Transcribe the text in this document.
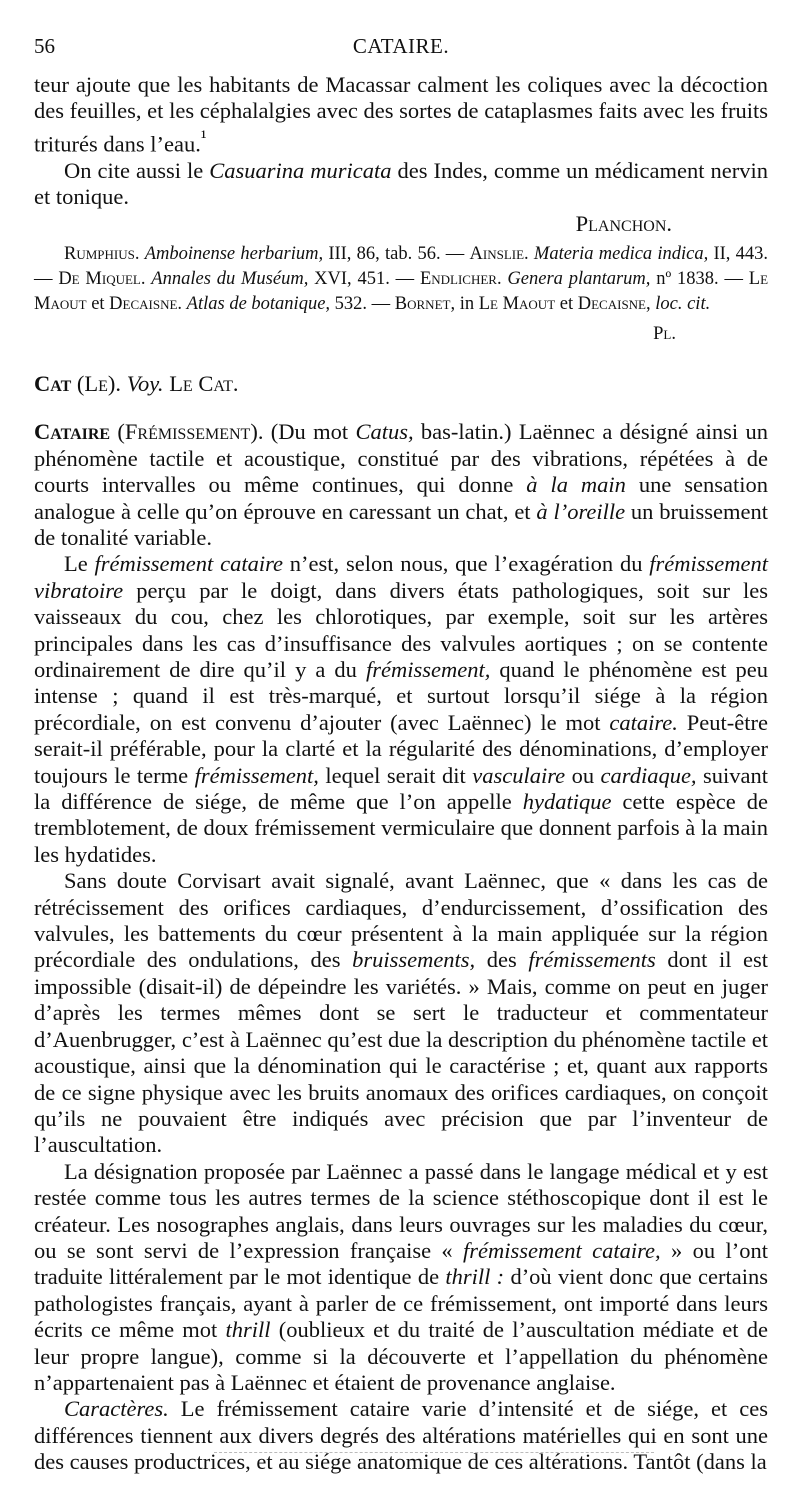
56	CATAIRE.

teur ajoute que les habitants de Macassar calment les coliques avec la décoction des feuilles, et les céphalalgies avec des sortes de cataplasmes faits avec les fruits triturés dans l’eau.$^{^1}$

On cite aussi le Casuarina muricata des Indes, comme un médicament nervin et tonique.

Planchon.

Rumphius. Amboinense herbarium, III, 86, tab. 56. — Ainslie. Materia medica indica, II, 443. — De Miquel. Annales du Muséum, XVI, 451. — Endlicher. Genera plantarum, nº 1838. — Le Maout et Decaisne. Atlas de botanique, 532. — Bornet, in Le Maout et Decaisne, loc. cit.

Pl.

Cat (Le). Voy. Le Cat.

Cataire (Frémissement). (Du mot Catus, bas-latin.) Laënnec a désigné ainsi un phénomène tactile et acoustique, constitué par des vibrations, répétées à de courts intervalles ou même continues, qui donne à la main une sensation analogue à celle qu’on éprouve en caressant un chat, et à l’oreille un bruissement de tonalité variable.

Le frémissement cataire n’est, selon nous, que l’exagération du frémissement vibratoire perçu par le doigt, dans divers états pathologiques, soit sur les vaisseaux du cou, chez les chlorotiques, par exemple, soit sur les artères principales dans les cas d’insuffisance des valvules aortiques ; on se contente ordinairement de dire qu’il y a du frémissement, quand le phénomène est peu intense ; quand il est très-marqué, et surtout lorsqu’il siége à la région précordiale, on est convenu d’ajouter (avec Laënnec) le mot cataire. Peut-être serait-il préférable, pour la clarté et la régularité des dénominations, d’employer toujours le terme frémissement, lequel serait dit vasculaire ou cardiaque, suivant la différence de siége, de même que l’on appelle hydatique cette espèce de tremblotement, de doux frémissement vermiculaire que donnent parfois à la main les hydatides.

Sans doute Corvisart avait signalé, avant Laënnec, que « dans les cas de rétrécissement des orifices cardiaques, d’endurcissement, d’ossification des valvules, les battements du cœur présentent à la main appliquée sur la région précordiale des ondulations, des bruissements, des frémissements dont il est impossible (disait-il) de dépeindre les variétés. » Mais, comme on peut en juger d’après les termes mêmes dont se sert le traducteur et commentateur d’Auenbrugger, c’est à Laënnec qu’est due la description du phénomène tactile et acoustique, ainsi que la dénomination qui le caractérise ; et, quant aux rapports de ce signe physique avec les bruits anomaux des orifices cardiaques, on conçoit qu’ils ne pouvaient être indiqués avec précision que par l’inventeur de l’auscultation.

La désignation proposée par Laënnec a passé dans le langage médical et y est restée comme tous les autres termes de la science stéthoscopique dont il est le créateur. Les nosographes anglais, dans leurs ouvrages sur les maladies du cœur, ou se sont servi de l’expression française « frémissement cataire, » ou l’ont traduite littéralement par le mot identique de thrill : d’où vient donc que certains pathologistes français, ayant à parler de ce frémissement, ont importé dans leurs écrits ce même mot thrill (oublieux et du traité de l’auscultation médiate et de leur propre langue), comme si la découverte et l’appellation du phénomène n’appartenaient pas à Laënnec et étaient de provenance anglaise.

Caractères. Le frémissement cataire varie d’intensité et de siége, et ces différences tiennent aux divers degrés des altérations matérielles qui en sont une des causes productrices, et au siége anatomique de ces altérations. Tantôt (dans la
